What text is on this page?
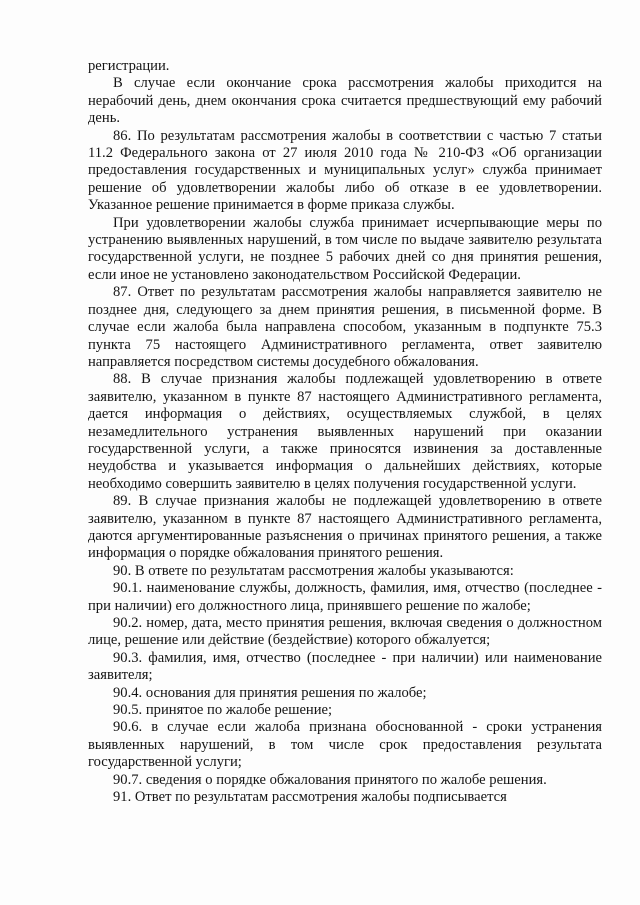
регистрации.

В случае если окончание срока рассмотрения жалобы приходится на нерабочий день, днем окончания срока считается предшествующий ему рабочий день.

86. По результатам рассмотрения жалобы в соответствии с частью 7 статьи 11.2 Федерального закона от 27 июля 2010 года № 210-ФЗ «Об организации предоставления государственных и муниципальных услуг» служба принимает решение об удовлетворении жалобы либо об отказе в ее удовлетворении. Указанное решение принимается в форме приказа службы.

При удовлетворении жалобы служба принимает исчерпывающие меры по устранению выявленных нарушений, в том числе по выдаче заявителю результата государственной услуги, не позднее 5 рабочих дней со дня принятия решения, если иное не установлено законодательством Российской Федерации.

87. Ответ по результатам рассмотрения жалобы направляется заявителю не позднее дня, следующего за днем принятия решения, в письменной форме. В случае если жалоба была направлена способом, указанным в подпункте 75.3 пункта 75 настоящего Административного регламента, ответ заявителю направляется посредством системы досудебного обжалования.

88. В случае признания жалобы подлежащей удовлетворению в ответе заявителю, указанном в пункте 87 настоящего Административного регламента, дается информация о действиях, осуществляемых службой, в целях незамедлительного устранения выявленных нарушений при оказании государственной услуги, а также приносятся извинения за доставленные неудобства и указывается информация о дальнейших действиях, которые необходимо совершить заявителю в целях получения государственной услуги.

89. В случае признания жалобы не подлежащей удовлетворению в ответе заявителю, указанном в пункте 87 настоящего Административного регламента, даются аргументированные разъяснения о причинах принятого решения, а также информация о порядке обжалования принятого решения.

90. В ответе по результатам рассмотрения жалобы указываются:

90.1. наименование службы, должность, фамилия, имя, отчество (последнее - при наличии) его должностного лица, принявшего решение по жалобе;

90.2. номер, дата, место принятия решения, включая сведения о должностном лице, решение или действие (бездействие) которого обжалуется;

90.3. фамилия, имя, отчество (последнее - при наличии) или наименование заявителя;

90.4. основания для принятия решения по жалобе;

90.5. принятое по жалобе решение;

90.6. в случае если жалоба признана обоснованной - сроки устранения выявленных нарушений, в том числе срок предоставления результата государственной услуги;

90.7. сведения о порядке обжалования принятого по жалобе решения.

91. Ответ по результатам рассмотрения жалобы подписывается
